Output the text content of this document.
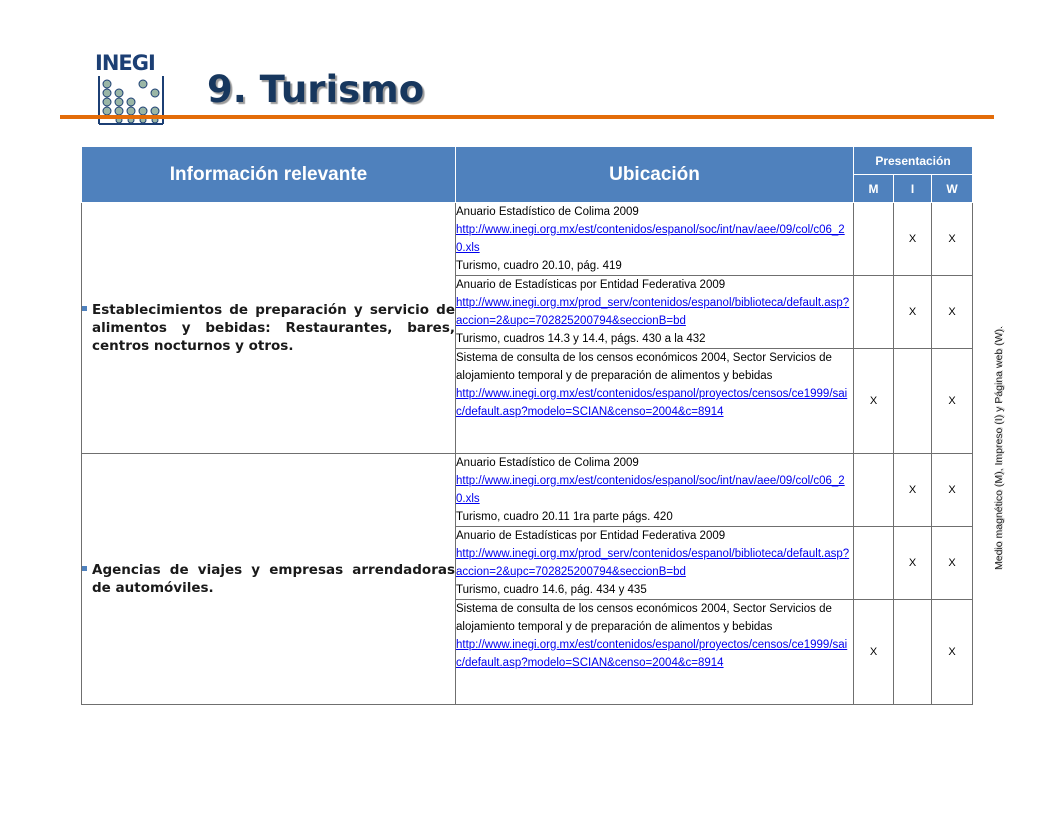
INEGI
9. Turismo
Información relevante	Ubicación	Presentación		
		M	I	W

Establecimientos de preparación y servicio de alimentos y bebidas: Restaurantes, bares, centros nocturnos y otros.	Anuario Estadístico de Colima 2009
http://www.inegi.org.mx/est/contenidos/espanol/soc/int/nav/aee/09/col/c06_20.xls
Turismo, cuadro 20.10, pág. 419		X	X

	Anuario de Estadísticas por Entidad Federativa 2009
http://www.inegi.org.mx/prod_serv/contenidos/espanol/biblioteca/default.asp?accion=2&upc=702825200794&seccionB=bd
Turismo, cuadros 14.3 y 14.4, págs. 430 a la 432		X	X

	Sistema de consulta de los censos económicos 2004, Sector Servicios de alojamiento temporal y de preparación de alimentos y bebidas
http://www.inegi.org.mx/est/contenidos/espanol/proyectos/censos/ce1999/saic/default.asp?modelo=SCIAN&censo=2004&c=8914	X		X

Agencias de viajes y empresas arrendadoras de automóviles.	Anuario Estadístico de Colima 2009
http://www.inegi.org.mx/est/contenidos/espanol/soc/int/nav/aee/09/col/c06_20.xls
Turismo, cuadro 20.11 1ra parte págs. 420		X	X

	Anuario de Estadísticas por Entidad Federativa 2009
http://www.inegi.org.mx/prod_serv/contenidos/espanol/biblioteca/default.asp?accion=2&upc=702825200794&seccionB=bd
Turismo, cuadro 14.6, pág. 434 y 435		X	X

	Sistema de consulta de los censos económicos 2004, Sector Servicios de alojamiento temporal y de preparación de alimentos y bebidas
http://www.inegi.org.mx/est/contenidos/espanol/proyectos/censos/ce1999/saic/default.asp?modelo=SCIAN&censo=2004&c=8914	X		X
Medio magnético (M), Impreso (I) y Página web (W).
